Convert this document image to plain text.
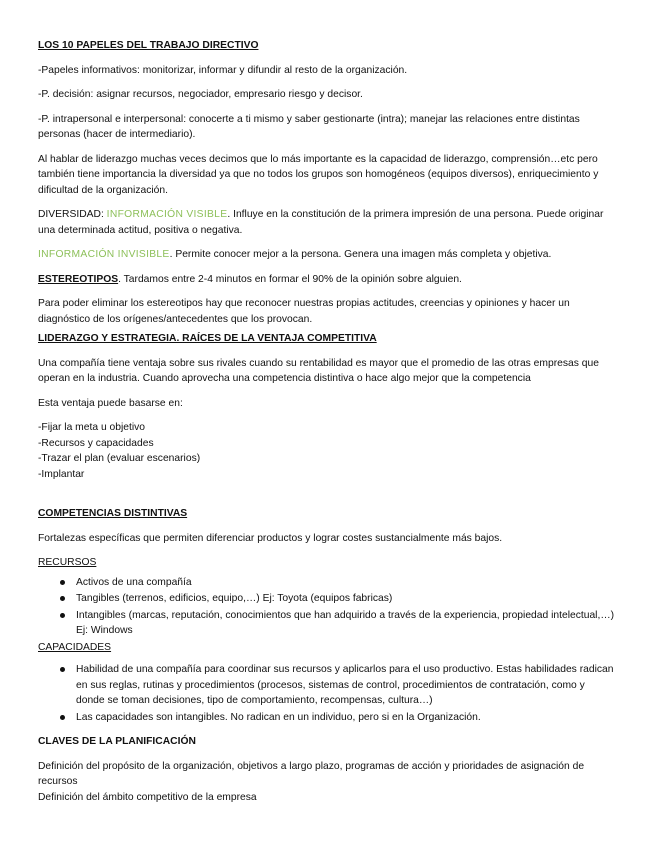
LOS 10 PAPELES DEL TRABAJO DIRECTIVO

-Papeles informativos: monitorizar, informar y difundir al resto de la organización.

-P. decisión: asignar recursos, negociador, empresario riesgo y decisor.

-P. intrapersonal e interpersonal: conocerte a ti mismo y saber gestionarte (intra); manejar las relaciones entre distintas personas (hacer de intermediario).

Al hablar de liderazgo muchas veces decimos que lo más importante es la capacidad de liderazgo, comprensión…etc pero también tiene importancia la diversidad ya que no todos los grupos son homogéneos (equipos diversos), enriquecimiento y dificultad de la organización.

DIVERSIDAD: INFORMACIÓN VISIBLE. Influye en la constitución de la primera impresión de una persona. Puede originar una determinada actitud, positiva o negativa.

INFORMACIÓN INVISIBLE. Permite conocer mejor a la persona. Genera una imagen más completa y objetiva.

ESTEREOTIPOS. Tardamos entre 2-4 minutos en formar el 90% de la opinión sobre alguien.

Para poder eliminar los estereotipos hay que reconocer nuestras propias actitudes, creencias y opiniones y hacer un diagnóstico de los orígenes/antecedentes que los provocan.

LIDERAZGO Y ESTRATEGIA. RAÍCES DE LA VENTAJA COMPETITIVA

Una compañía tiene ventaja sobre sus rivales cuando su rentabilidad es mayor que el promedio de las otras empresas que operan en la industria. Cuando aprovecha una competencia distintiva o hace algo mejor que la competencia

Esta ventaja puede basarse en:

-Fijar la meta u objetivo

-Recursos y capacidades

-Trazar el plan (evaluar escenarios)

-Implantar

COMPETENCIAS DISTINTIVAS

Fortalezas específicas que permiten diferenciar productos y lograr costes sustancialmente más bajos.

RECURSOS

Activos de una compañía
Tangibles (terrenos, edificios, equipo,…) Ej: Toyota (equipos fabricas)
Intangibles (marcas, reputación, conocimientos que han adquirido a través de la experiencia, propiedad intelectual,…) Ej: Windows

CAPACIDADES

Habilidad de una compañía para coordinar sus recursos y aplicarlos para el uso productivo. Estas habilidades radican en sus reglas, rutinas y procedimientos (procesos, sistemas de control, procedimientos de contratación, como y donde se toman decisiones, tipo de comportamiento, recompensas, cultura…)
Las capacidades son intangibles. No radican en un individuo, pero si en la Organización.

CLAVES DE LA PLANIFICACIÓN

Definición del propósito de la organización, objetivos a largo plazo, programas de acción y prioridades de asignación de recursos

Definición del ámbito competitivo de la empresa
